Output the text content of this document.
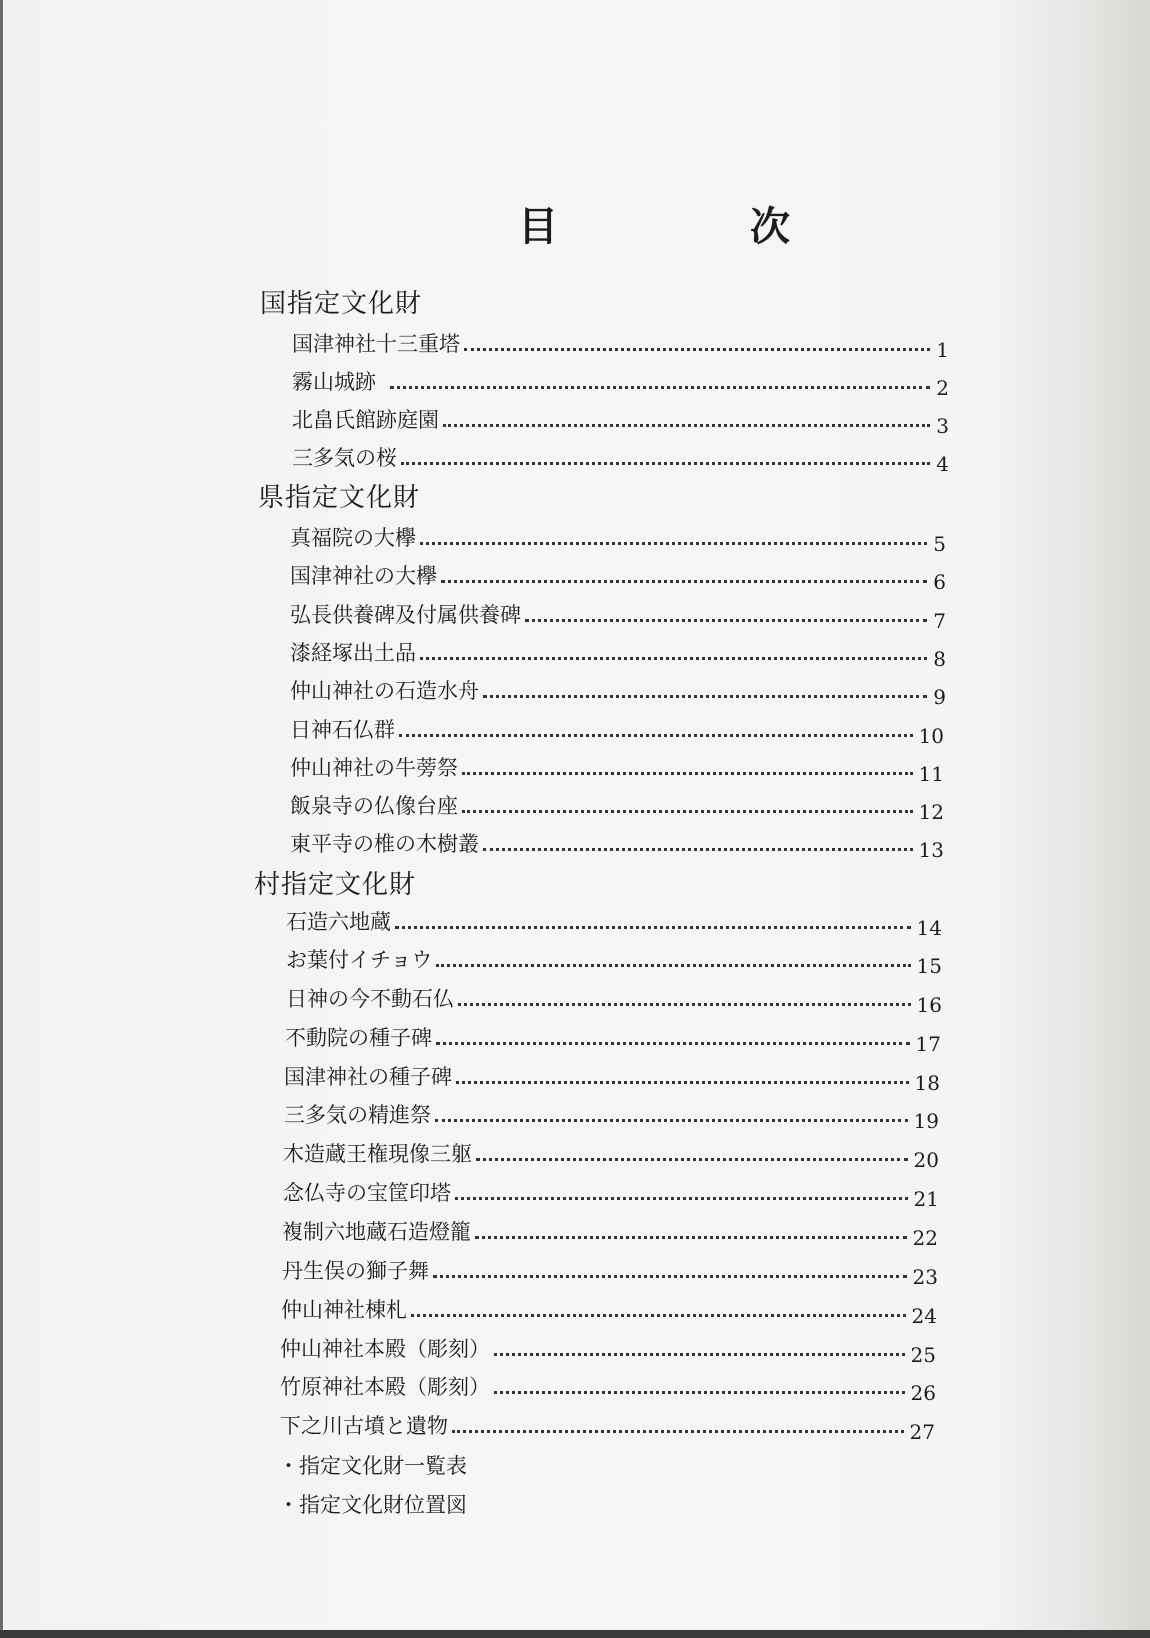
目　次
国指定文化財
国津神社十三重塔	1
霧山城跡	2
北畠氏館跡庭園	3
三多気の桜	4
県指定文化財
真福院の大欅	5
国津神社の大欅	6
弘長供養碑及付属供養碑	7
漆経塚出土品	8
仲山神社の石造水舟	9
日神石仏群	10
仲山神社の牛蒡祭	11
飯泉寺の仏像台座	12
東平寺の椎の木樹叢	13
村指定文化財
石造六地蔵	14
お葉付イチョウ	15
日神の今不動石仏	16
不動院の種子碑	17
国津神社の種子碑	18
三多気の精進祭	19
木造蔵王権現像三躯	20
念仏寺の宝筐印塔	21
複制六地蔵石造燈籠	22
丹生俣の獅子舞	23
仲山神社棟札	24
仲山神社本殿（彫刻）	25
竹原神社本殿（彫刻）	26
下之川古墳と遺物	27
・指定文化財一覧表
・指定文化財位置図
